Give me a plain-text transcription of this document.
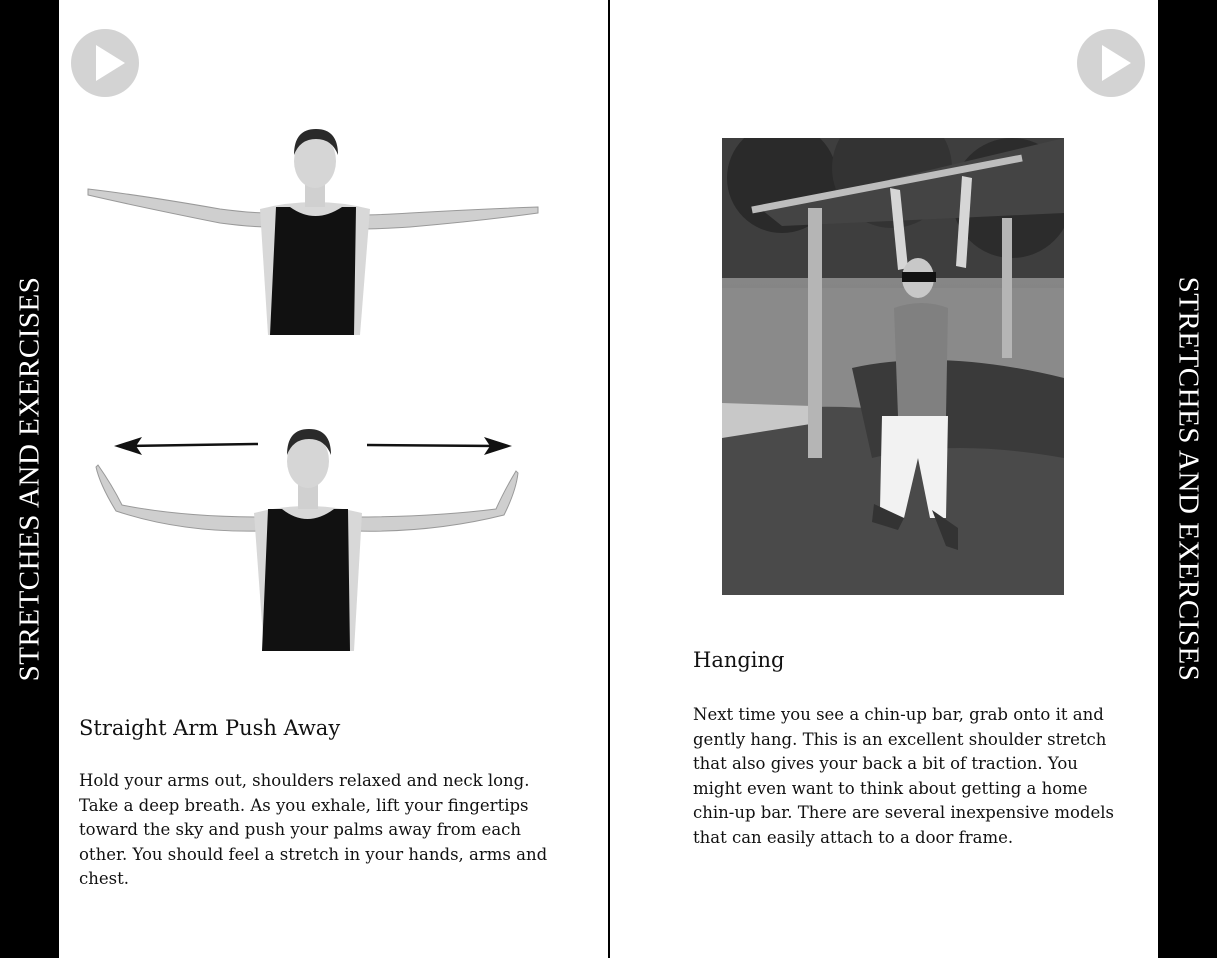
STRETCHES AND EXERCISES	STRETCHES AND EXERCISES
Straight Arm Push Away
Hold your arms out, shoulders relaxed and neck long. Take a deep breath. As you exhale, lift your fingertips toward the sky and push your palms away from each other. You should feel a stretch in your hands, arms and chest.
Hanging
Next time you see a chin-up bar, grab onto it and gently hang. This is an excellent shoulder stretch that also gives your back a bit of traction. You might even want to think about getting a home chin-up bar. There are several inexpensive models that can easily attach to a door frame.
